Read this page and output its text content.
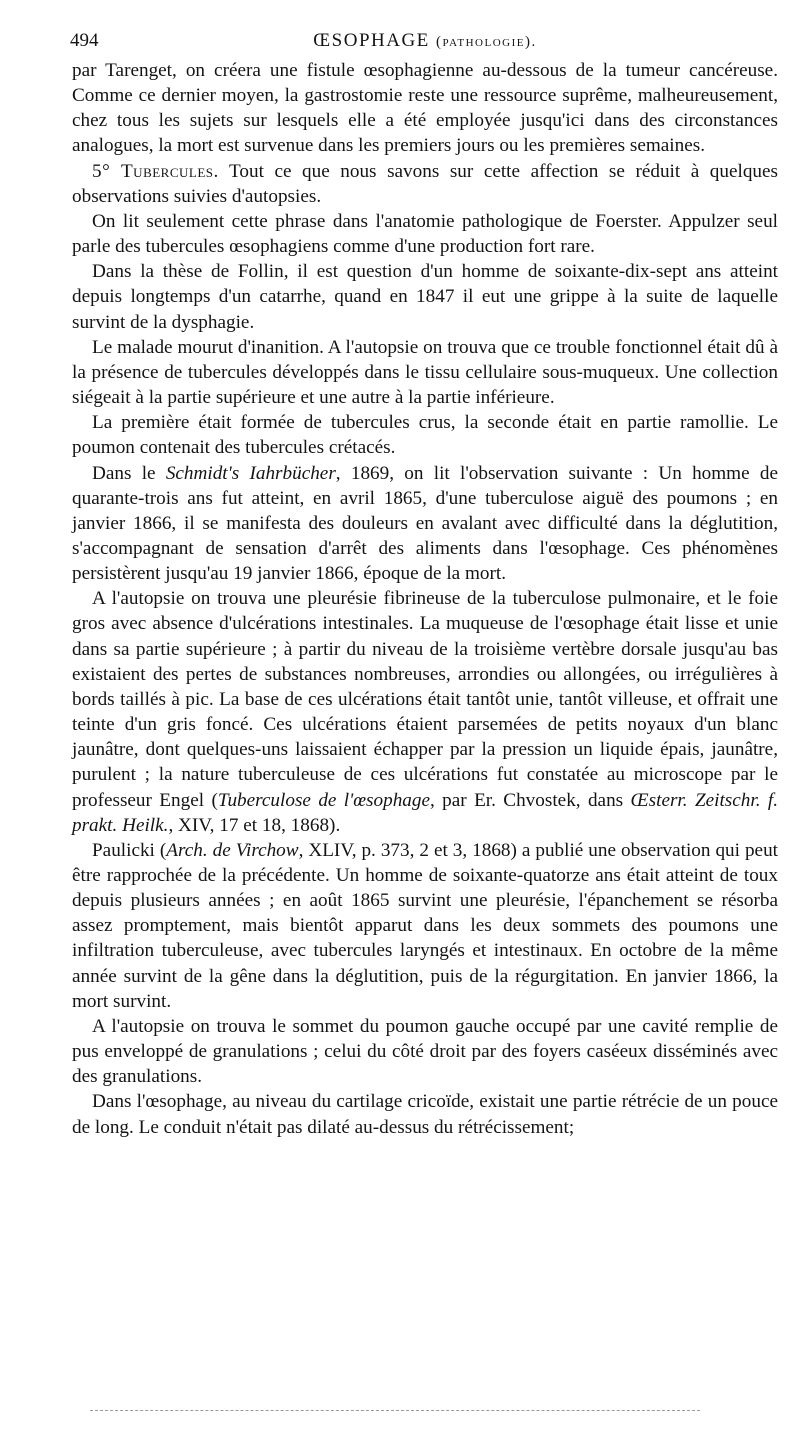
494	ŒSOPHAGE (pathologie).

par Tarenget, on créera une fistule œsophagienne au-dessous de la tumeur cancéreuse. Comme ce dernier moyen, la gastrostomie reste une ressource suprême, malheureusement, chez tous les sujets sur lesquels elle a été employée jusqu'ici dans des circonstances analogues, la mort est survenue dans les premiers jours ou les premières semaines.

5° Tubercules. Tout ce que nous savons sur cette affection se réduit à quelques observations suivies d'autopsies.

On lit seulement cette phrase dans l'anatomie pathologique de Foerster. Appulzer seul parle des tubercules œsophagiens comme d'une production fort rare.

Dans la thèse de Follin, il est question d'un homme de soixante-dix-sept ans atteint depuis longtemps d'un catarrhe, quand en 1847 il eut une grippe à la suite de laquelle survint de la dysphagie.

Le malade mourut d'inanition. A l'autopsie on trouva que ce trouble fonctionnel était dû à la présence de tubercules développés dans le tissu cellulaire sous-muqueux. Une collection siégeait à la partie supérieure et une autre à la partie inférieure.

La première était formée de tubercules crus, la seconde était en partie ramollie. Le poumon contenait des tubercules crétacés.

Dans le Schmidt's Iahrbücher, 1869, on lit l'observation suivante : Un homme de quarante-trois ans fut atteint, en avril 1865, d'une tuberculose aiguë des poumons ; en janvier 1866, il se manifesta des douleurs en avalant avec difficulté dans la déglutition, s'accompagnant de sensation d'arrêt des aliments dans l'œsophage. Ces phénomènes persistèrent jusqu'au 19 janvier 1866, époque de la mort.

A l'autopsie on trouva une pleurésie fibrineuse de la tuberculose pulmonaire, et le foie gros avec absence d'ulcérations intestinales. La muqueuse de l'œsophage était lisse et unie dans sa partie supérieure ; à partir du niveau de la troisième vertèbre dorsale jusqu'au bas existaient des pertes de substances nombreuses, arrondies ou allongées, ou irrégulières à bords taillés à pic. La base de ces ulcérations était tantôt unie, tantôt villeuse, et offrait une teinte d'un gris foncé. Ces ulcérations étaient parsemées de petits noyaux d'un blanc jaunâtre, dont quelques-uns laissaient échapper par la pression un liquide épais, jaunâtre, purulent ; la nature tuberculeuse de ces ulcérations fut constatée au microscope par le professeur Engel (Tuberculose de l'œsophage, par Er. Chvostek, dans Œsterr. Zeitschr. f. prakt. Heilk., XIV, 17 et 18, 1868).

Paulicki (Arch. de Virchow, XLIV, p. 373, 2 et 3, 1868) a publié une observation qui peut être rapprochée de la précédente. Un homme de soixante-quatorze ans était atteint de toux depuis plusieurs années ; en août 1865 survint une pleurésie, l'épanchement se résorba assez promptement, mais bientôt apparut dans les deux sommets des poumons une infiltration tuberculeuse, avec tubercules laryngés et intestinaux. En octobre de la même année survint de la gêne dans la déglutition, puis de la régurgitation. En janvier 1866, la mort survint.

A l'autopsie on trouva le sommet du poumon gauche occupé par une cavité remplie de pus enveloppé de granulations ; celui du côté droit par des foyers caséeux disséminés avec des granulations.

Dans l'œsophage, au niveau du cartilage cricoïde, existait une partie rétrécie de un pouce de long. Le conduit n'était pas dilaté au-dessus du rétrécissement;
